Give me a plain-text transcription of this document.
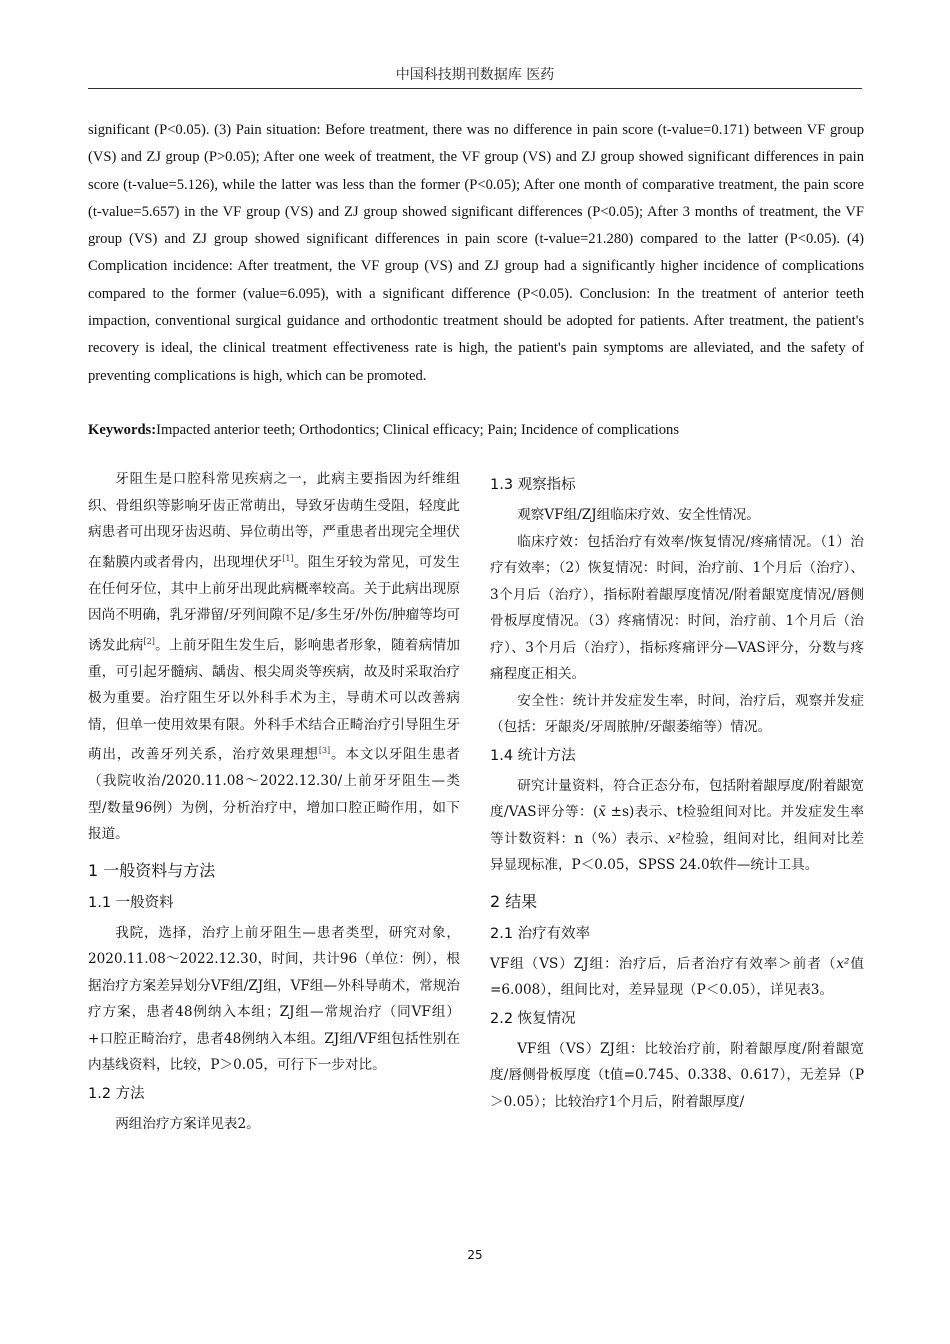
中国科技期刊数据库 医药

significant (P<0.05). (3) Pain situation: Before treatment, there was no difference in pain score (t-value=0.171) between VF group (VS) and ZJ group (P>0.05); After one week of treatment, the VF group (VS) and ZJ group showed significant differences in pain score (t-value=5.126), while the latter was less than the former (P<0.05); After one month of comparative treatment, the pain score (t-value=5.657) in the VF group (VS) and ZJ group showed significant differences (P<0.05); After 3 months of treatment, the VF group (VS) and ZJ group showed significant differences in pain score (t-value=21.280) compared to the latter (P<0.05). (4) Complication incidence: After treatment, the VF group (VS) and ZJ group had a significantly higher incidence of complications compared to the former (value=6.095), with a significant difference (P<0.05). Conclusion: In the treatment of anterior teeth impaction, conventional surgical guidance and orthodontic treatment should be adopted for patients. After treatment, the patient's recovery is ideal, the clinical treatment effectiveness rate is high, the patient's pain symptoms are alleviated, and the safety of preventing complications is high, which can be promoted.

Keywords:Impacted anterior teeth; Orthodontics; Clinical efficacy; Pain; Incidence of complications

牙阻生是口腔科常见疾病之一，此病主要指因为纤维组织、骨组织等影响牙齿正常萌出，导致牙齿萌生受阻，轻度此病患者可出现牙齿迟萌、异位萌出等，严重患者出现完全埋伏在黏膜内或者骨内，出现埋伏牙[1]。阻生牙较为常见，可发生在任何牙位，其中上前牙出现此病概率较高。关于此病出现原因尚不明确，乳牙滞留/牙列间隙不足/多生牙/外伤/肿瘤等均可诱发此病[2]。上前牙阻生发生后，影响患者形象，随着病情加重，可引起牙髓病、龋齿、根尖周炎等疾病，故及时采取治疗极为重要。治疗阻生牙以外科手术为主，导萌术可以改善病情，但单一使用效果有限。外科手术结合正畸治疗引导阻生牙萌出，改善牙列关系，治疗效果理想[3]。本文以牙阻生患者（我院收治/2020.11.08～2022.12.30/上前牙牙阻生—类型/数量96例）为例，分析治疗中，增加口腔正畸作用，如下报道。

1 一般资料与方法
1.1 一般资料

我院，选择，治疗上前牙阻生—患者类型，研究对象，2020.11.08～2022.12.30，时间，共计96（单位：例），根据治疗方案差异划分VF组/ZJ组，VF组—外科导萌术，常规治疗方案，患者48例纳入本组；ZJ组—常规治疗（同VF组）+口腔正畸治疗，患者48例纳入本组。ZJ组/VF组包括性别在内基线资料，比较，P＞0.05，可行下一步对比。

1.2 方法

两组治疗方案详见表2。

1.3 观察指标

观察VF组/ZJ组临床疗效、安全性情况。

临床疗效：包括治疗有效率/恢复情况/疼痛情况。（1）治疗有效率；（2）恢复情况：时间，治疗前、1个月后（治疗）、3个月后（治疗），指标附着龈厚度情况/附着龈宽度情况/唇侧骨板厚度情况。（3）疼痛情况：时间，治疗前、1个月后（治疗）、3个月后（治疗），指标疼痛评分—VAS评分，分数与疼痛程度正相关。

安全性：统计并发症发生率，时间，治疗后，观察并发症（包括：牙龈炎/牙周脓肿/牙龈萎缩等）情况。

1.4 统计方法

研究计量资料，符合正态分布，包括附着龈厚度/附着龈宽度/VAS评分等：(x̄ ±s)表示、t检验组间对比。并发症发生率等计数资料：n（%）表示、x²检验，组间对比，组间对比差异显现标准，P＜0.05，SPSS 24.0软件—统计工具。

2 结果
2.1 治疗有效率

VF组（VS）ZJ组：治疗后，后者治疗有效率＞前者（x²值=6.008），组间比对，差异显现（P＜0.05），详见表3。

2.2 恢复情况

VF组（VS）ZJ组：比较治疗前，附着龈厚度/附着龈宽度/唇侧骨板厚度（t值=0.745、0.338、0.617），无差异（P＞0.05）；比较治疗1个月后，附着龈厚度/

25
